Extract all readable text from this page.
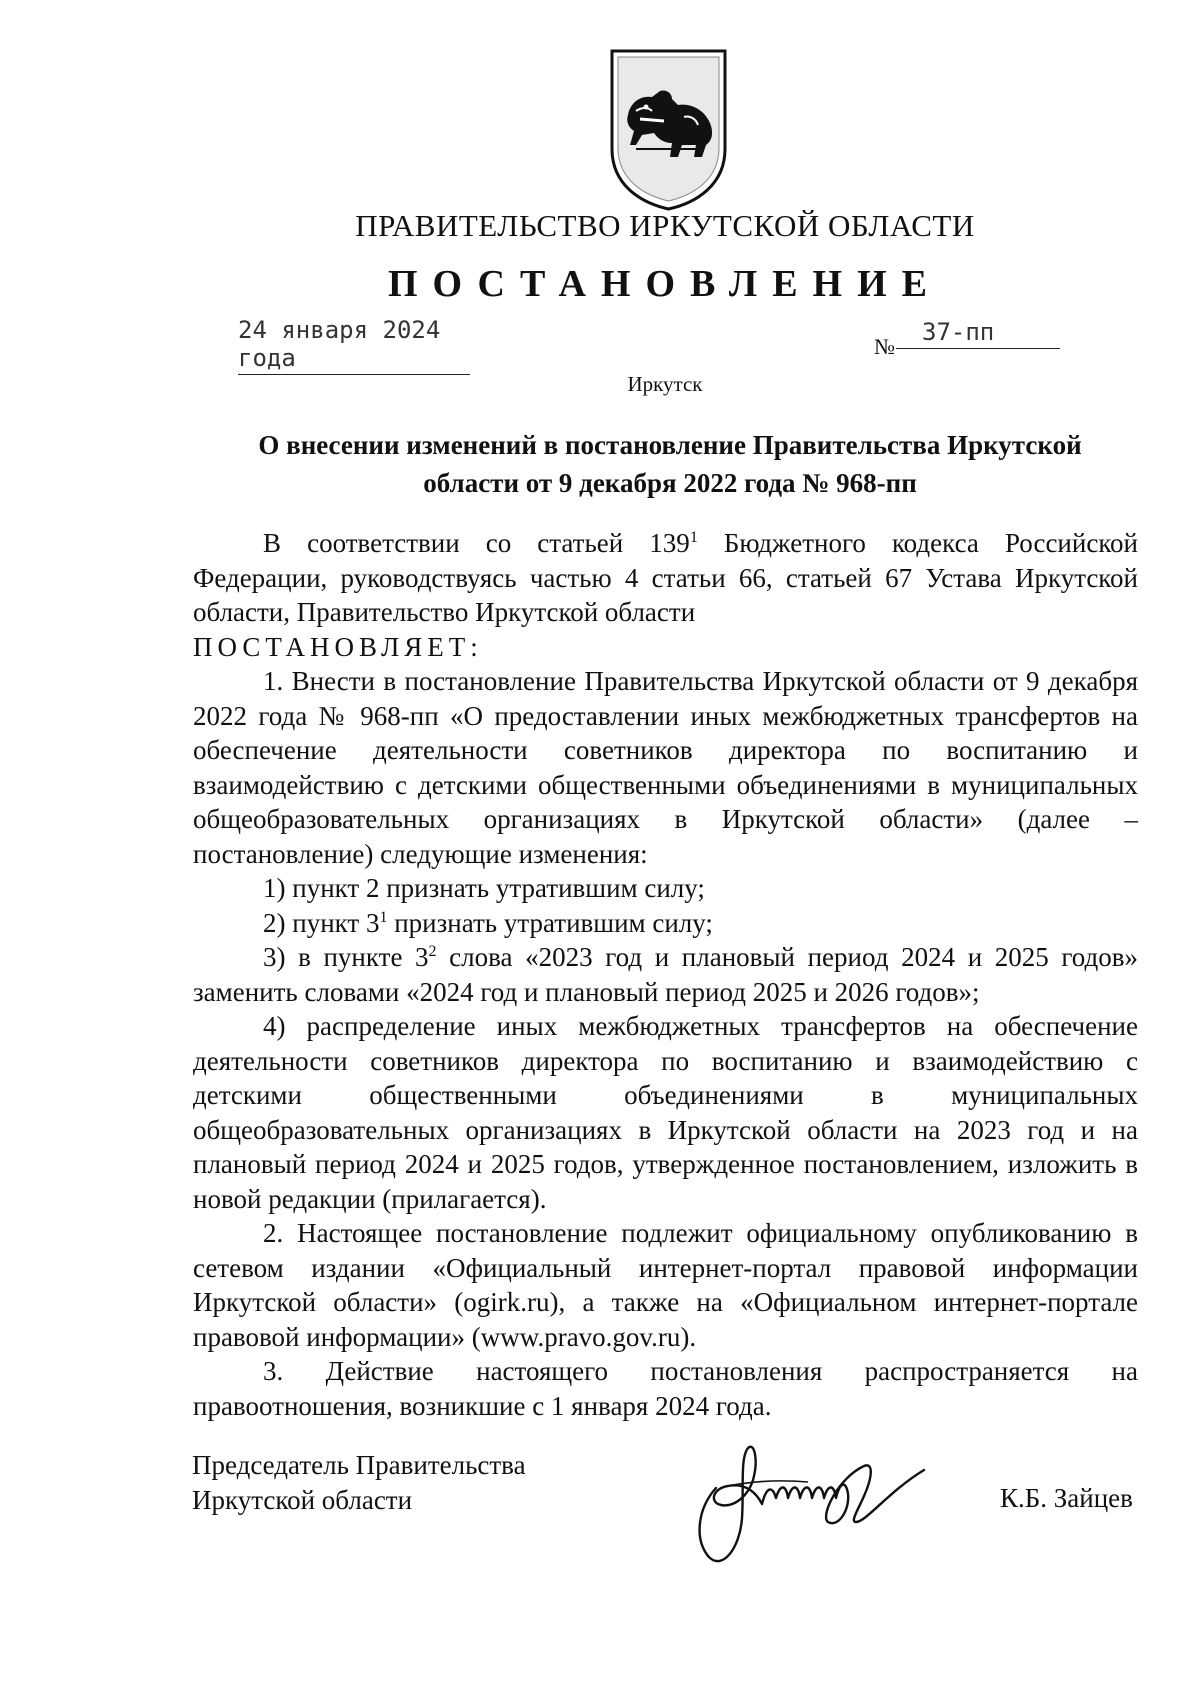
ПРАВИТЕЛЬСТВО ИРКУТСКОЙ ОБЛАСТИ
ПОСТАНОВЛЕНИЕ
24 января 2024 года	№
37-пп
Иркутск
О внесении изменений в постановление Правительства Иркутской
области от 9 декабря 2022 года № 968-пп

В соответствии со статьей $139^1$ Бюджетного кодекса Российской Федерации, руководствуясь частью 4 статьи 66, статьей 67 Устава Иркутской области, Правительство Иркутской области

ПОСТАНОВЛЯЕТ:

1. Внести в постановление Правительства Иркутской области от 9 декабря 2022 года № 968-пп «О предоставлении иных межбюджетных трансфертов на обеспечение деятельности советников директора по воспитанию и взаимодействию с детскими общественными объединениями в муниципальных общеобразовательных организациях в Иркутской области» (далее – постановление) следующие изменения:

1) пункт 2 признать утратившим силу;

2) пункт $3^1$ признать утратившим силу;

3) в пункте $3^2$ слова «2023 год и плановый период 2024 и 2025 годов» заменить словами «2024 год и плановый период 2025 и 2026 годов»;

4) распределение иных межбюджетных трансфертов на обеспечение деятельности советников директора по воспитанию и взаимодействию с детскими общественными объединениями в муниципальных общеобразовательных организациях в Иркутской области на 2023 год и на плановый период 2024 и 2025 годов, утвержденное постановлением, изложить в новой редакции (прилагается).

2. Настоящее постановление подлежит официальному опубликованию в сетевом издании «Официальный интернет-портал правовой информации Иркутской области» (ogirk.ru), а также на «Официальном интернет-портале правовой информации» (www.pravo.gov.ru).

3. Действие настоящего постановления распространяется на правоотношения, возникшие с 1 января 2024 года.

Председатель Правительства
Иркутской области	К.Б. Зайцев
